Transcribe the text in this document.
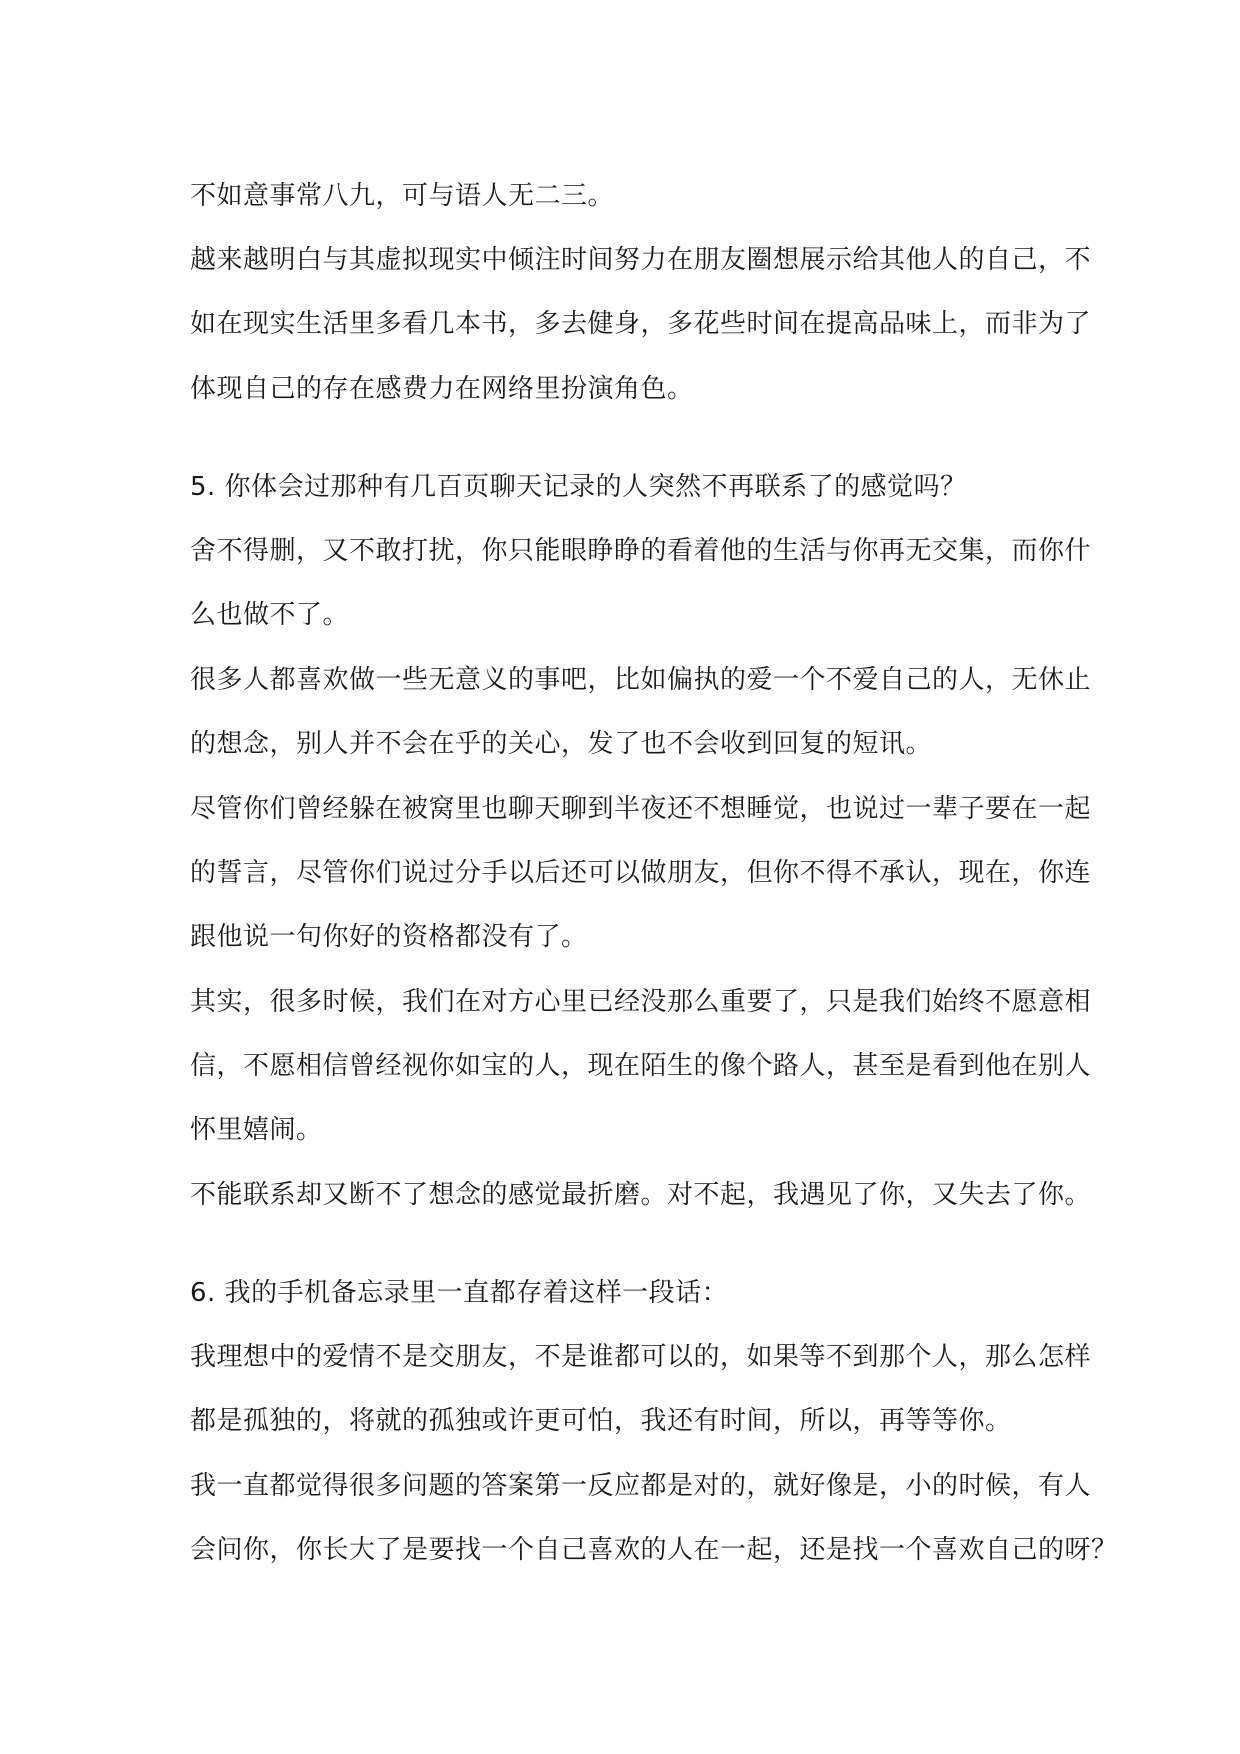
不如意事常八九，可与语人无二三。
越来越明白与其虚拟现实中倾注时间努力在朋友圈想展示给其他人的自己，不
如在现实生活里多看几本书，多去健身，多花些时间在提高品味上，而非为了
体现自己的存在感费力在网络里扮演角色。
5. 你体会过那种有几百页聊天记录的人突然不再联系了的感觉吗？
舍不得删，又不敢打扰，你只能眼睁睁的看着他的生活与你再无交集，而你什
么也做不了。
很多人都喜欢做一些无意义的事吧，比如偏执的爱一个不爱自己的人，无休止
的想念，别人并不会在乎的关心，发了也不会收到回复的短讯。
尽管你们曾经躲在被窝里也聊天聊到半夜还不想睡觉，也说过一辈子要在一起
的誓言，尽管你们说过分手以后还可以做朋友，但你不得不承认，现在，你连
跟他说一句你好的资格都没有了。
其实，很多时候，我们在对方心里已经没那么重要了，只是我们始终不愿意相
信，不愿相信曾经视你如宝的人，现在陌生的像个路人，甚至是看到他在别人
怀里嬉闹。
不能联系却又断不了想念的感觉最折磨。对不起，我遇见了你，又失去了你。
6. 我的手机备忘录里一直都存着这样一段话：
我理想中的爱情不是交朋友，不是谁都可以的，如果等不到那个人，那么怎样
都是孤独的，将就的孤独或许更可怕，我还有时间，所以，再等等你。
我一直都觉得很多问题的答案第一反应都是对的，就好像是，小的时候，有人
会问你，你长大了是要找一个自己喜欢的人在一起，还是找一个喜欢自己的呀？
